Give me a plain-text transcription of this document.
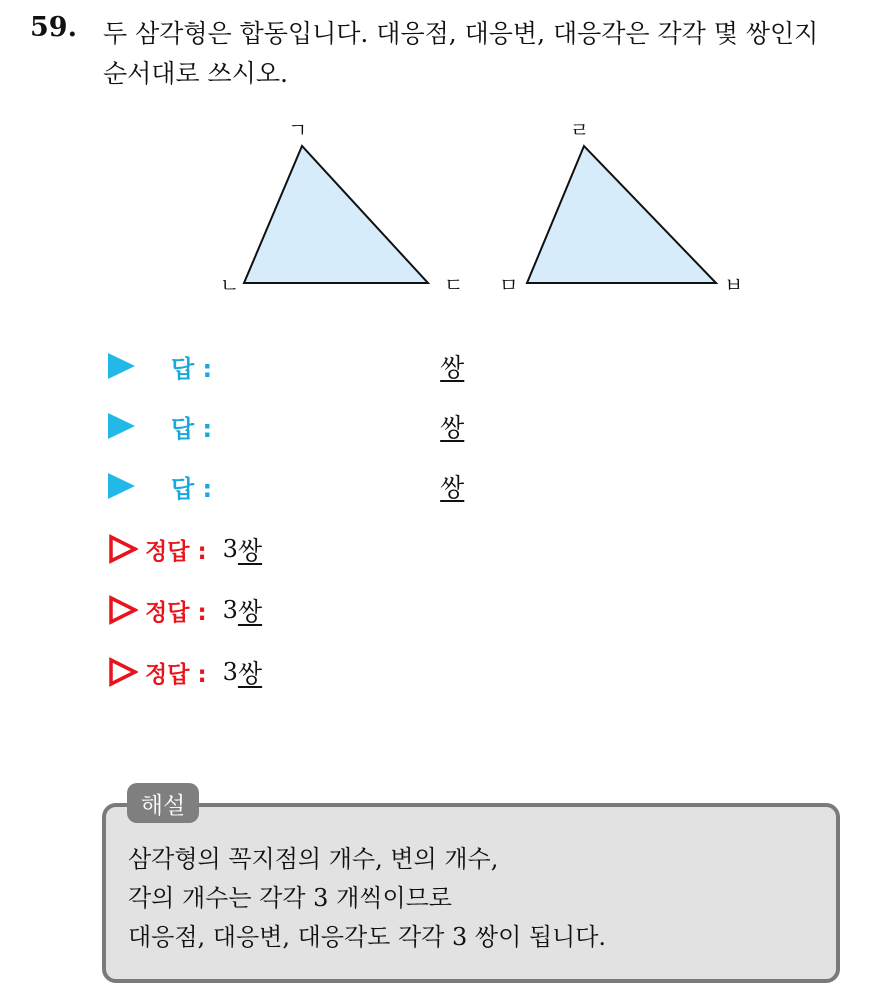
59. 두 삼각형은 합동입니다. 대응점, 대응변, 대응각은 각각 몇 쌍인지
순서대로 쓰시오.
ㄱ
ㄴ	ㄷ
ㄹ
ㅁ	ㅂ
답 :	쌍
답 :	쌍
답 :	쌍
정답 : 3 쌍
정답 : 3 쌍
정답 : 3 쌍
해설
삼각형의 꼭지점의 개수, 변의 개수,
각의 개수는 각각 3 개씩이므로
대응점, 대응변, 대응각도 각각 3 쌍이 됩니다.
